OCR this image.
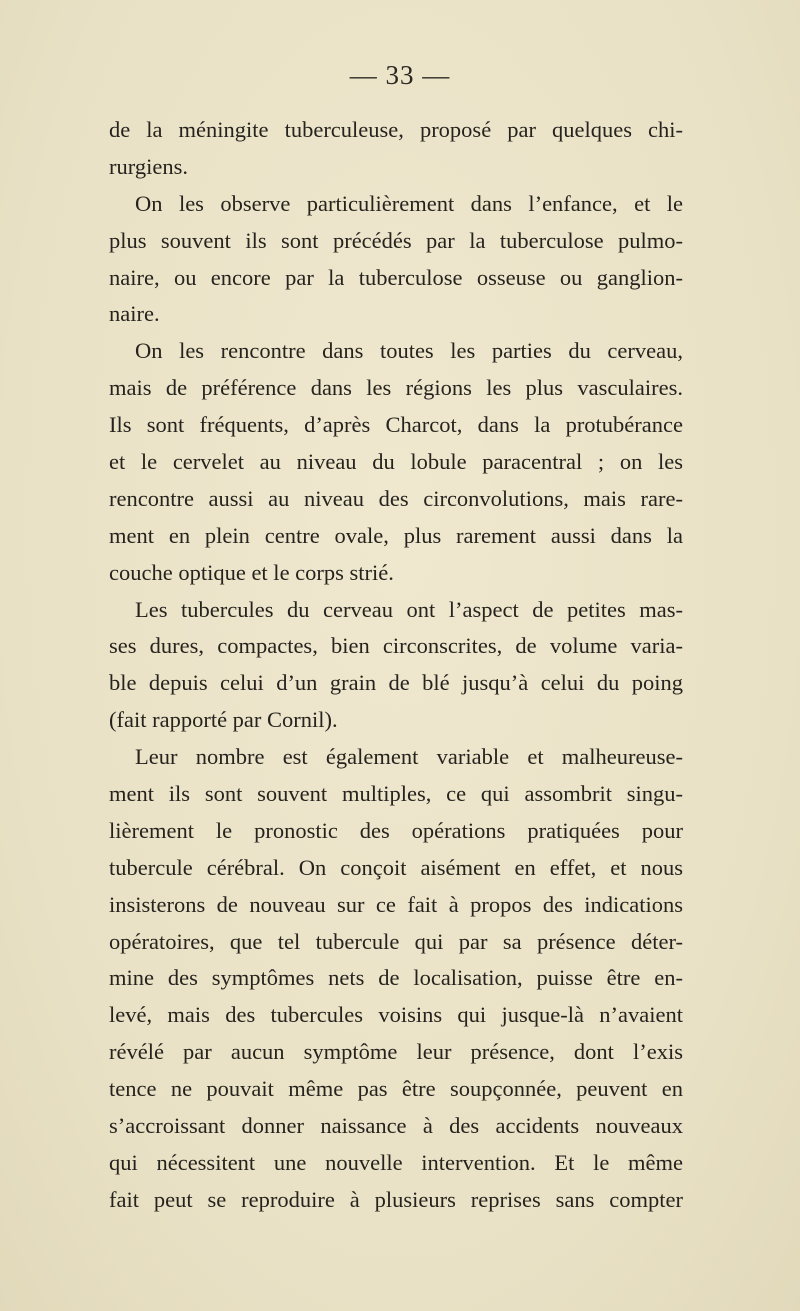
— 33 —
de la méningite tuberculeuse, proposé par quelques chi-
rurgiens.
On les observe particulièrement dans l’enfance, et le
plus souvent ils sont précédés par la tuberculose pulmo-
naire, ou encore par la tuberculose osseuse ou ganglion-
naire.
On les rencontre dans toutes les parties du cerveau,
mais de préférence dans les régions les plus vasculaires.
Ils sont fréquents, d’après Charcot, dans la protubérance
et le cervelet au niveau du lobule paracentral ; on les
rencontre aussi au niveau des circonvolutions, mais rare-
ment en plein centre ovale, plus rarement aussi dans la
couche optique et le corps strié.
Les tubercules du cerveau ont l’aspect de petites mas-
ses dures, compactes, bien circonscrites, de volume varia-
ble depuis celui d’un grain de blé jusqu’à celui du poing
(fait rapporté par Cornil).
Leur nombre est également variable et malheureuse-
ment ils sont souvent multiples, ce qui assombrit singu-
lièrement le pronostic des opérations pratiquées pour
tubercule cérébral. On conçoit aisément en effet, et nous
insisterons de nouveau sur ce fait à propos des indications
opératoires, que tel tubercule qui par sa présence déter-
mine des symptômes nets de localisation, puisse être en-
levé, mais des tubercules voisins qui jusque-là n’avaient
révélé par aucun symptôme leur présence, dont l’exis
tence ne pouvait même pas être soupçonnée, peuvent en
s’accroissant donner naissance à des accidents nouveaux
qui nécessitent une nouvelle intervention. Et le même
fait peut se reproduire à plusieurs reprises sans compter
